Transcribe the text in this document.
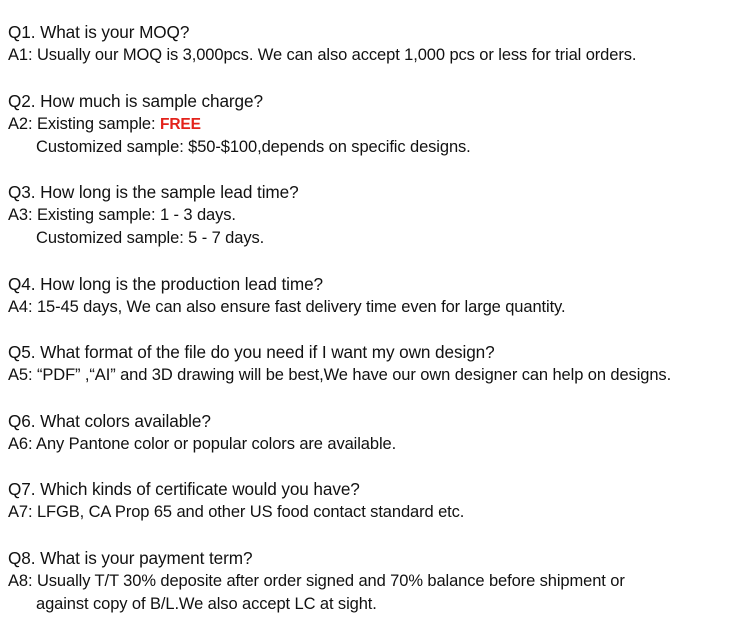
Q1. What is your MOQ?
A1: Usually our MOQ is 3,000pcs. We can also accept 1,000 pcs or less for trial orders.
Q2. How much is sample charge?
A2: Existing sample: FREE
Customized sample: $50-$100,depends on specific designs.
Q3. How long is the sample lead time?
A3: Existing sample: 1 - 3 days.
Customized sample: 5 - 7 days.
Q4. How long is the production lead time?
A4: 15-45 days, We can also ensure fast delivery time even for large quantity.
Q5. What format of the file do you need if I want my own design?
A5: “PDF” ,“AI” and 3D drawing will be best,We have our own designer can help on designs.
Q6. What colors available?
A6: Any Pantone color or popular colors are available.
Q7. Which kinds of certificate would you have?
A7: LFGB, CA Prop 65 and other US food contact standard etc.
Q8. What is your payment term?
A8: Usually T/T 30% deposite after order signed and 70% balance before shipment or
against copy of B/L.We also accept LC at sight.
